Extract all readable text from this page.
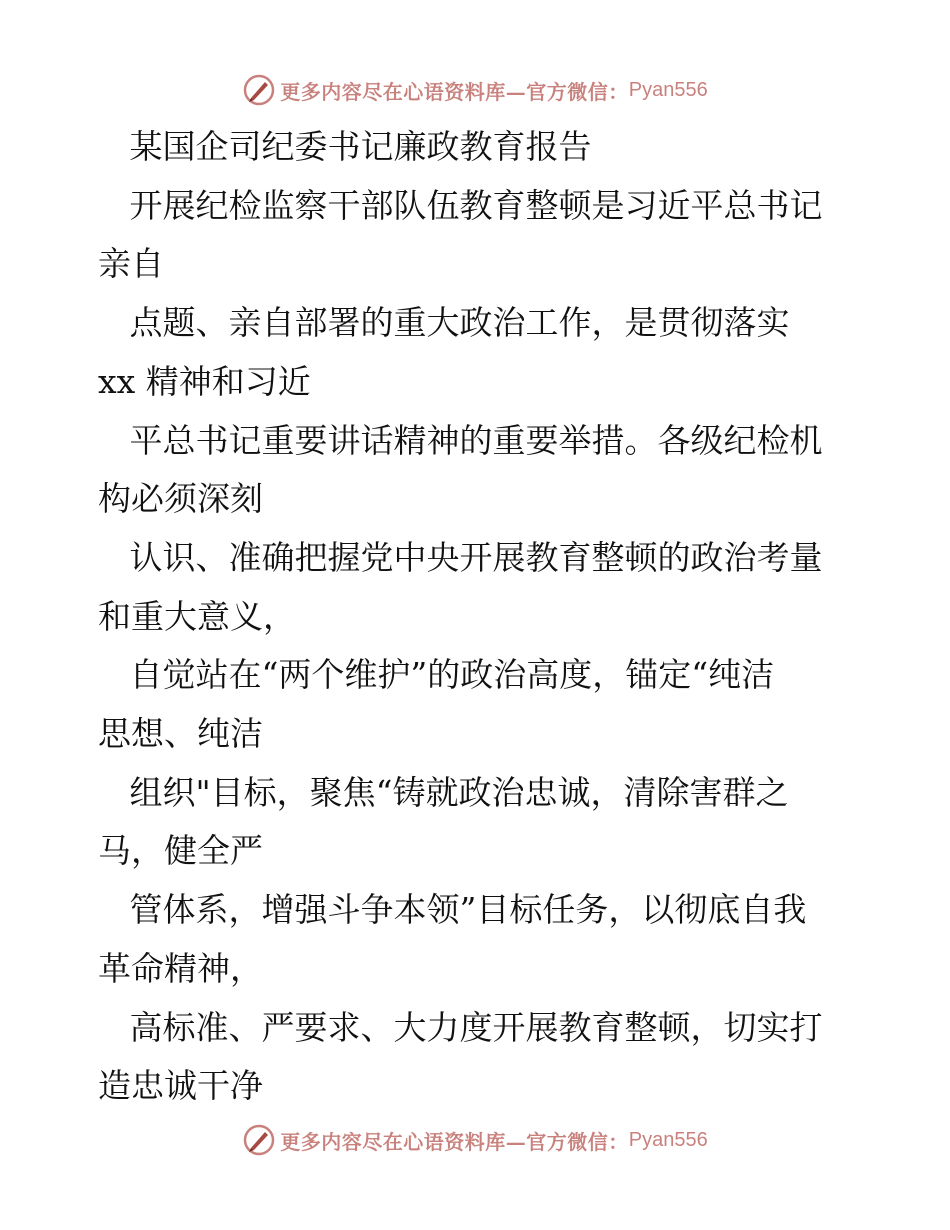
更多内容尽在心语资料库—官方微信： Pyan556

某国企司纪委书记廉政教育报告

开展纪检监察干部队伍教育整顿是习近平总书记

亲自

点题、亲自部署的重大政治工作，是贯彻落实

xx 精神和习近

平总书记重要讲话精神的重要举措。各级纪检机

构必须深刻

认识、准确把握党中央开展教育整顿的政治考量

和重大意义，

自觉站在“两个维护”的政治高度，锚定“纯洁

思想、纯洁

组织"目标，聚焦“铸就政治忠诚，清除害群之

马，健全严

管体系，增强斗争本领”目标任务，以彻底自我

革命精神，

高标准、严要求、大力度开展教育整顿，切实打

造忠诚干净

更多内容尽在心语资料库—官方微信： Pyan556
